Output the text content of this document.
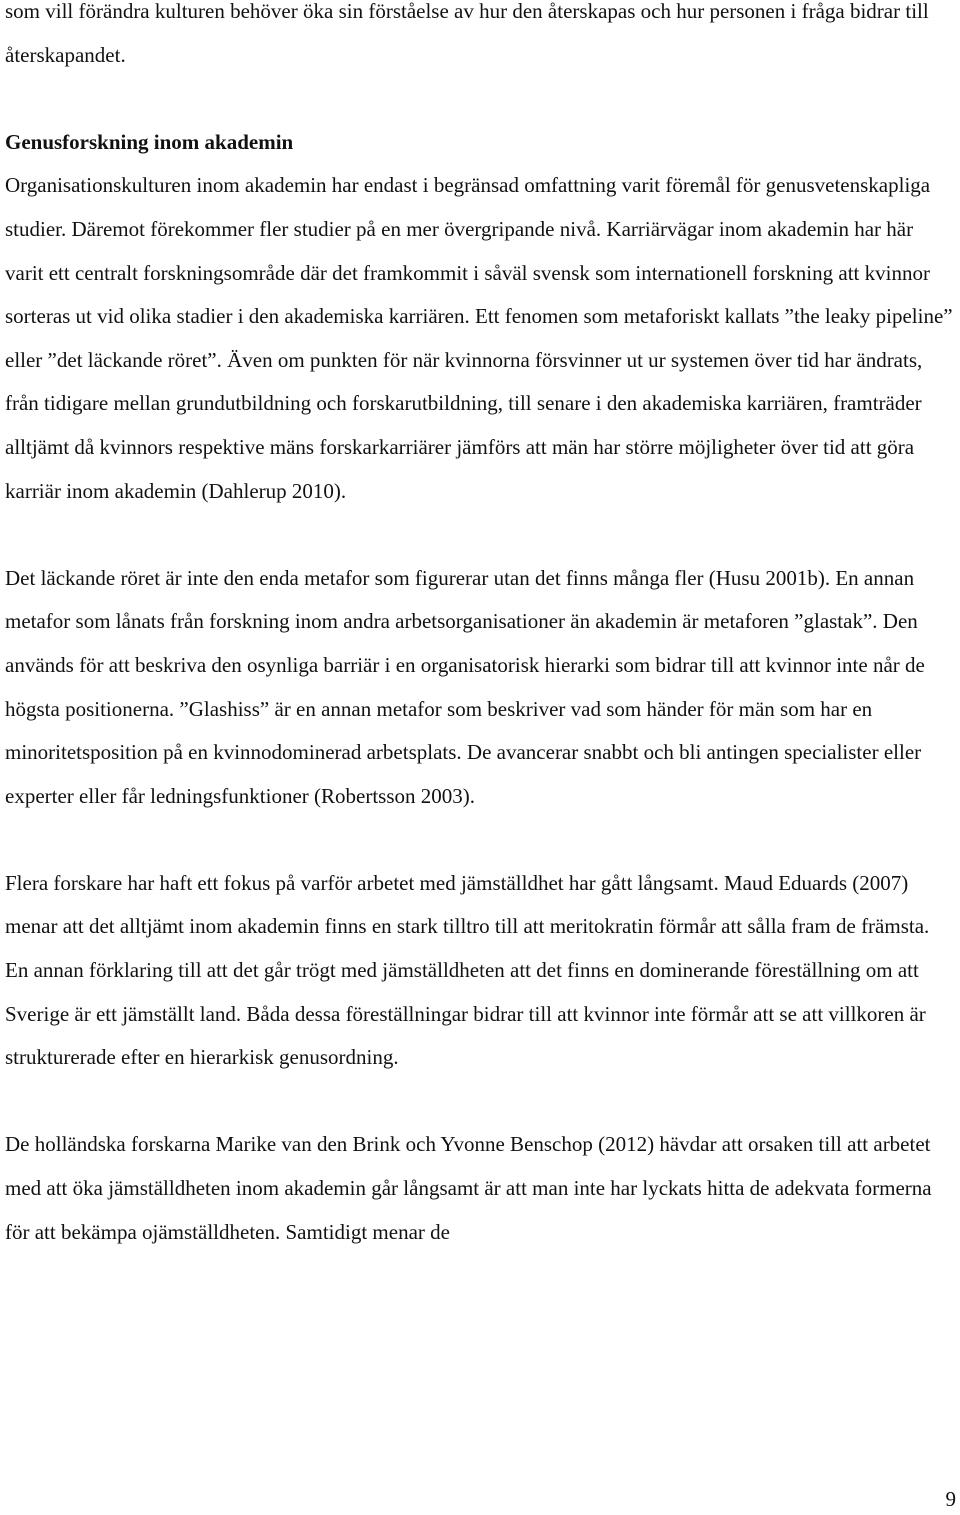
som vill förändra kulturen behöver öka sin förståelse av hur den återskapas och hur personen i fråga bidrar till återskapandet.

Genusforskning inom akademin
Organisationskulturen inom akademin har endast i begränsad omfattning varit föremål för genusvetenskapliga studier. Däremot förekommer fler studier på en mer övergripande nivå. Karriärvägar inom akademin har här varit ett centralt forskningsområde där det framkommit i såväl svensk som internationell forskning att kvinnor sorteras ut vid olika stadier i den akademiska karriären. Ett fenomen som metaforiskt kallats ”the leaky pipeline” eller ”det läckande röret”. Även om punkten för när kvinnorna försvinner ut ur systemen över tid har ändrats, från tidigare mellan grundutbildning och forskarutbildning, till senare i den akademiska karriären, framträder alltjämt då kvinnors respektive mäns forskarkarriärer jämförs att män har större möjligheter över tid att göra karriär inom akademin (Dahlerup 2010).

Det läckande röret är inte den enda metafor som figurerar utan det finns många fler (Husu 2001b). En annan metafor som lånats från forskning inom andra arbetsorganisationer än akademin är metaforen ”glastak”. Den används för att beskriva den osynliga barriär i en organisatorisk hierarki som bidrar till att kvinnor inte når de högsta positionerna. ”Glashiss” är en annan metafor som beskriver vad som händer för män som har en minoritetsposition på en kvinnodominerad arbetsplats. De avancerar snabbt och bli antingen specialister eller experter eller får ledningsfunktioner (Robertsson 2003).

Flera forskare har haft ett fokus på varför arbetet med jämställdhet har gått långsamt. Maud Eduards (2007) menar att det alltjämt inom akademin finns en stark tilltro till att meritokratin förmår att sålla fram de främsta. En annan förklaring till att det går trögt med jämställdheten att det finns en dominerande föreställning om att Sverige är ett jämställt land. Båda dessa föreställningar bidrar till att kvinnor inte förmår att se att villkoren är strukturerade efter en hierarkisk genusordning.

De holländska forskarna Marike van den Brink och Yvonne Benschop (2012) hävdar att orsaken till att arbetet med att öka jämställdheten inom akademin går långsamt är att man inte har lyckats hitta de adekvata formerna för att bekämpa ojämställdheten. Samtidigt menar de

9
